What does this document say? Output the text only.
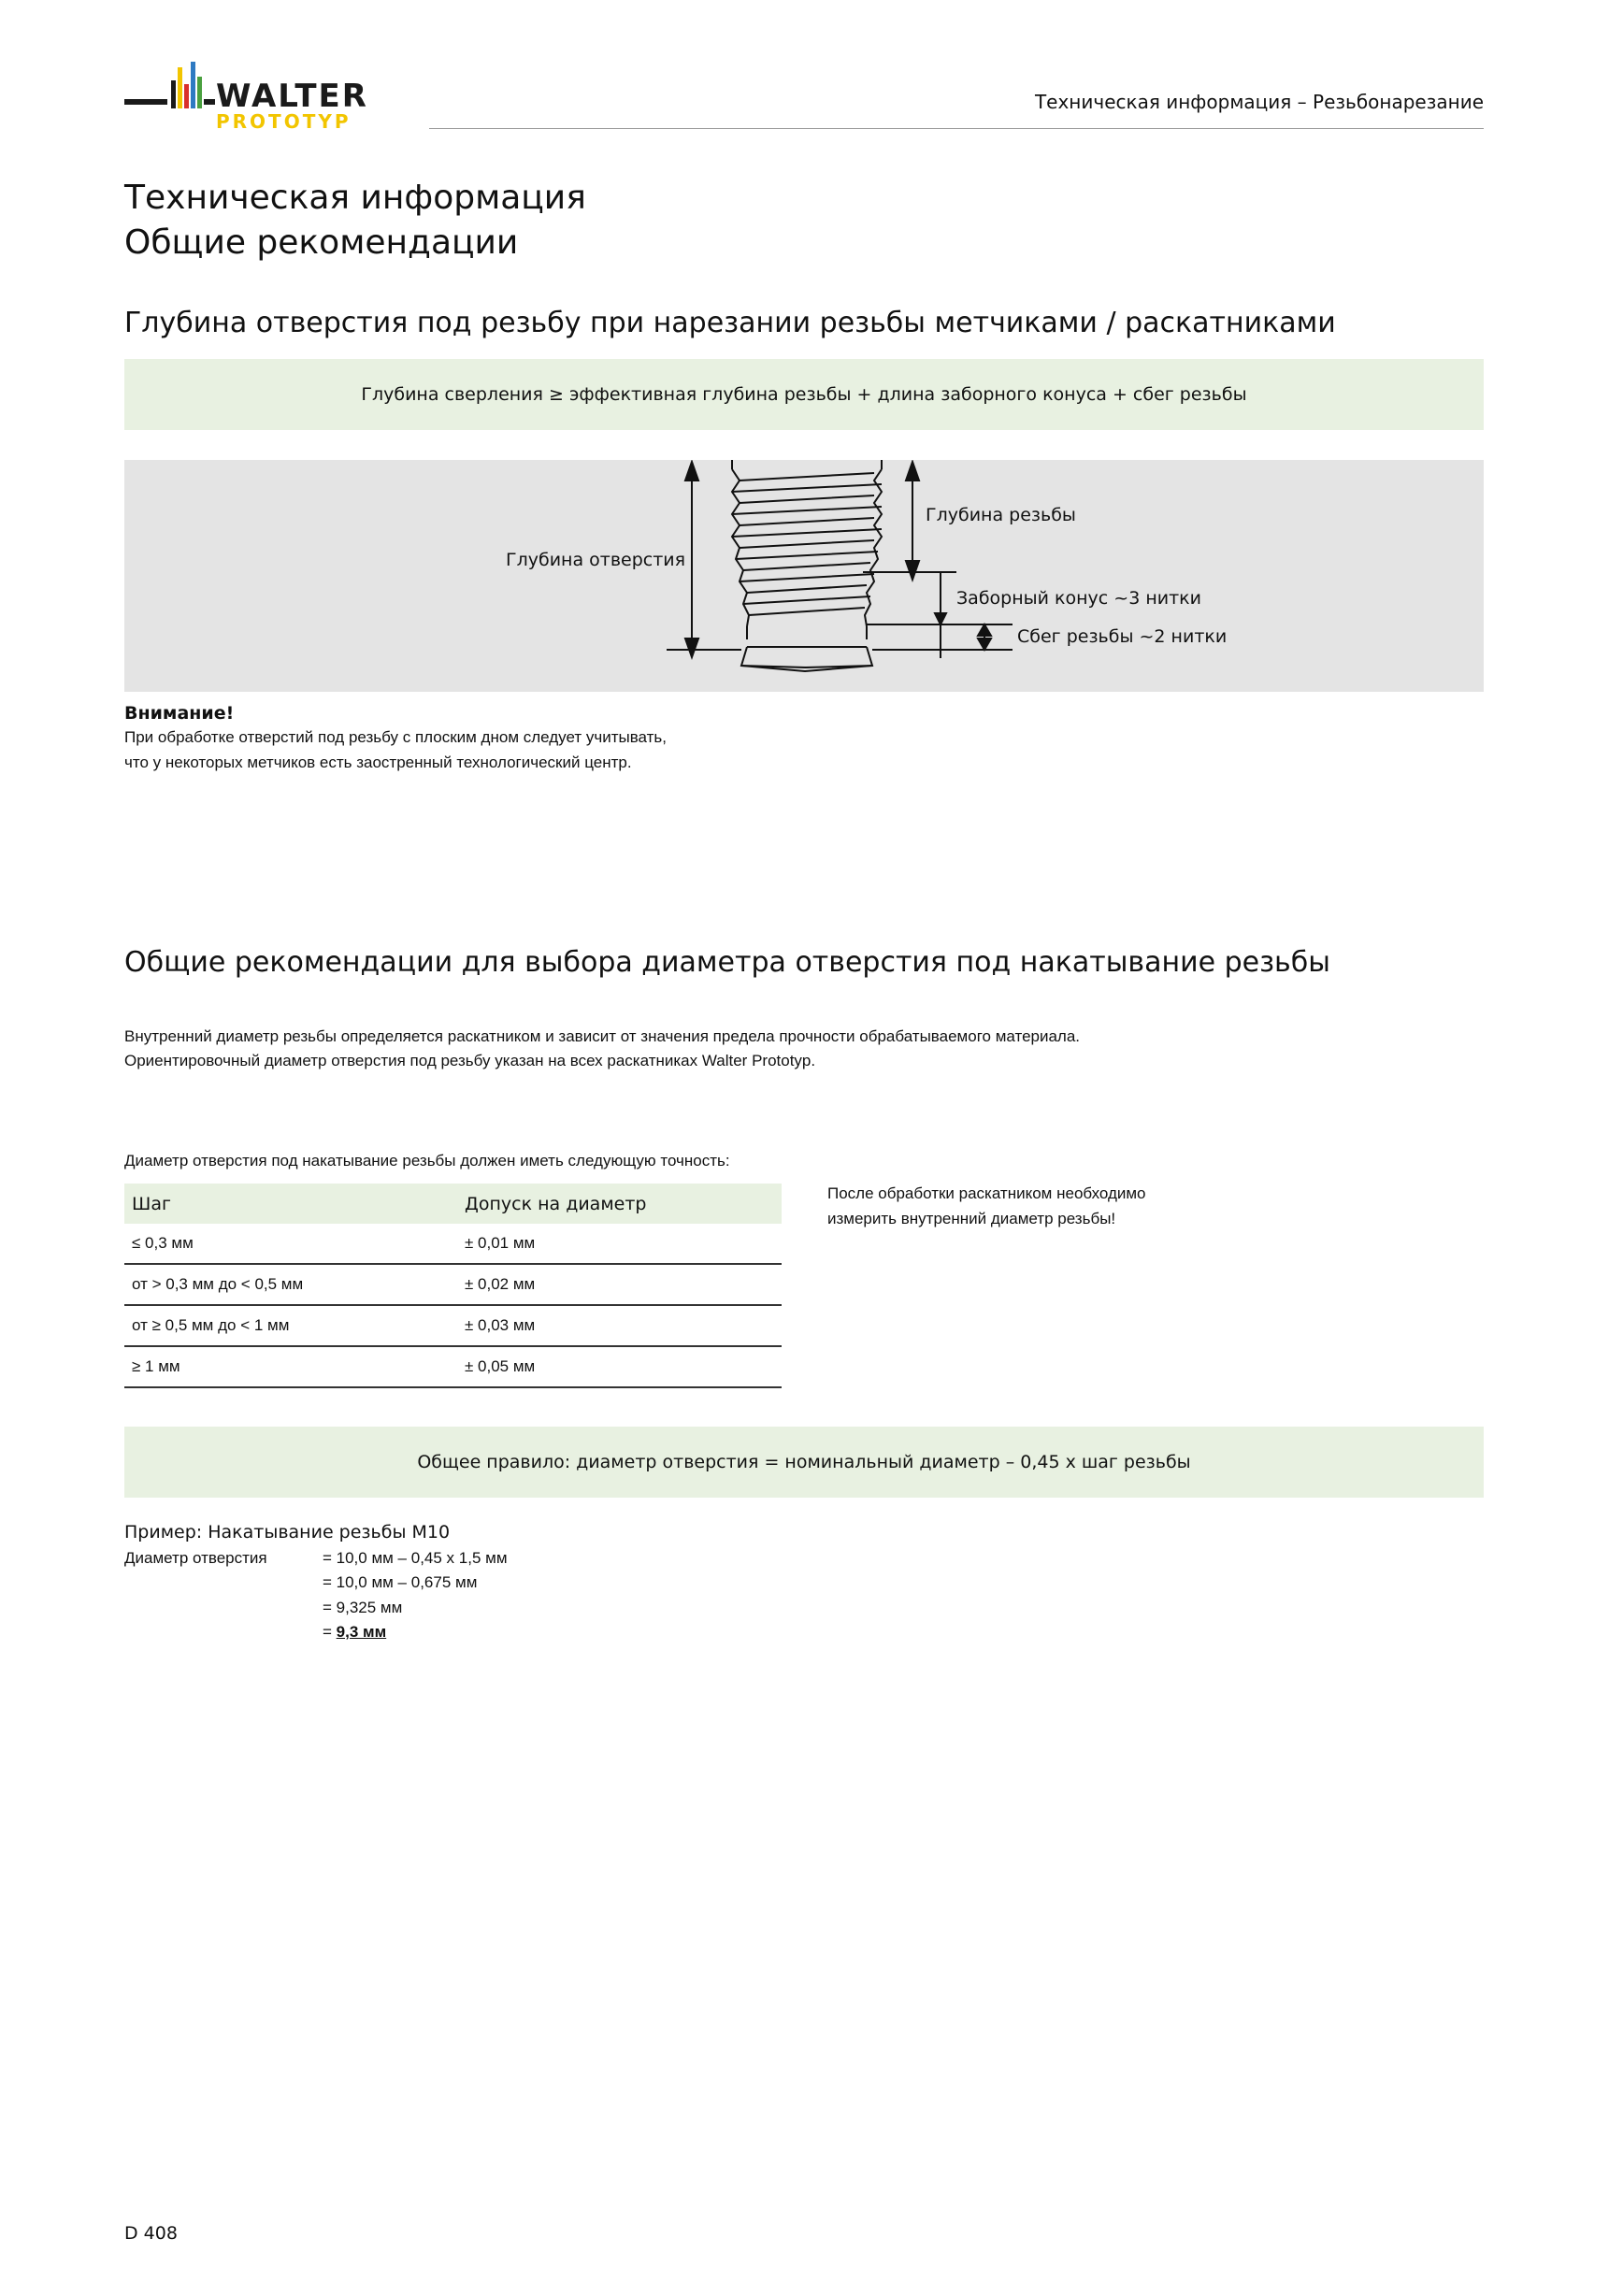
WALTER
PROTOTYP
Техническая информация – Резьбонарезание
Техническая информация
Общие рекомендации
Глубина отверстия под резьбу при нарезании резьбы метчиками / раскатниками
Глубина сверления ≥ эффективная глубина резьбы + длина заборного конуса + сбег резьбы
Глубина отверстия
Глубина резьбы
Заборный конус ~3 нитки
Сбег резьбы ~2 нитки
Внимание!
При обработке отверстий под резьбу с плоским дном следует учитывать,
что у некоторых метчиков есть заостренный технологический центр.
Общие рекомендации для выбора диаметра отверстия под накатывание резьбы
Внутренний диаметр резьбы определяется раскатником и зависит от значения предела прочности обрабатываемого материала.
Ориентировочный диаметр отверстия под резьбу указан на всех раскатниках Walter Prototyp.
Диаметр отверстия под накатывание резьбы должен иметь следующую точность:
Шаг	Допуск на диаметр
≤ 0,3 мм	± 0,01 мм
от > 0,3 мм до < 0,5 мм	± 0,02 мм
от ≥ 0,5 мм до < 1 мм	± 0,03 мм
≥ 1 мм	± 0,05 мм
После обработки раскатником необходимо
измерить внутренний диаметр резьбы!
Общее правило: диаметр отверстия = номинальный диаметр – 0,45 x шаг резьбы
Пример: Накатывание резьбы M10
Диаметр отверстия	= 10,0 мм – 0,45 x 1,5 мм
= 10,0 мм – 0,675 мм
= 9,325 мм
= 9,3 мм
D 408
